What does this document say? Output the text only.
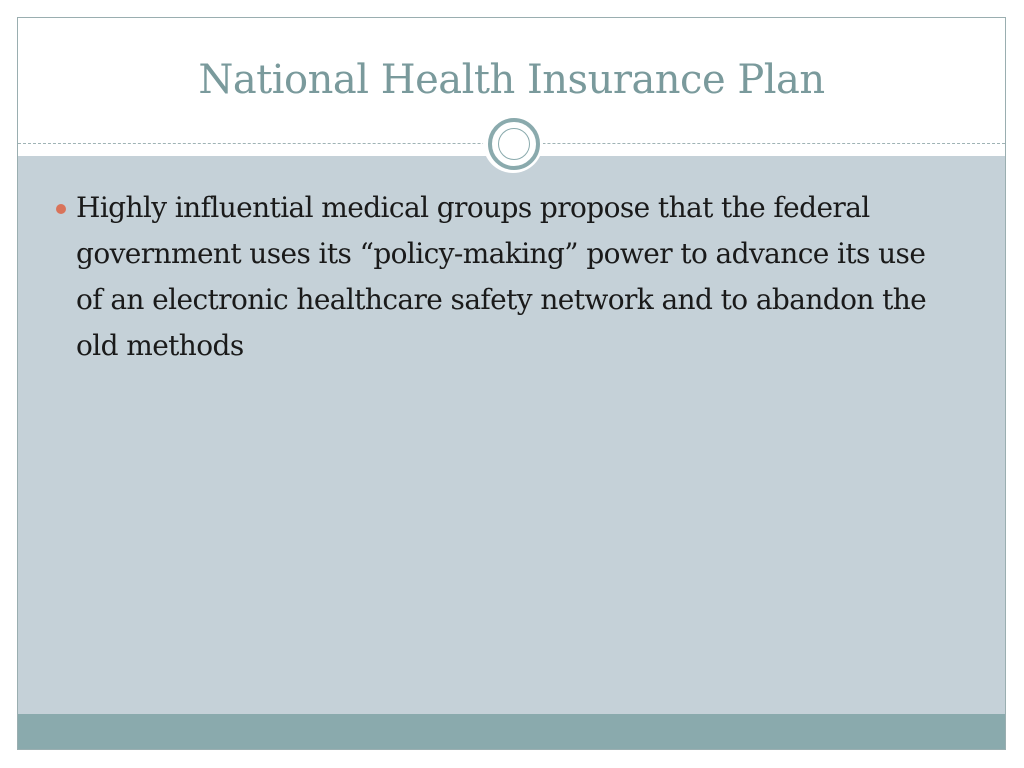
National Health Insurance Plan
Highly influential medical groups propose that the federal government uses its “policy-making” power to advance its use of an electronic healthcare safety network and to abandon the old methods
